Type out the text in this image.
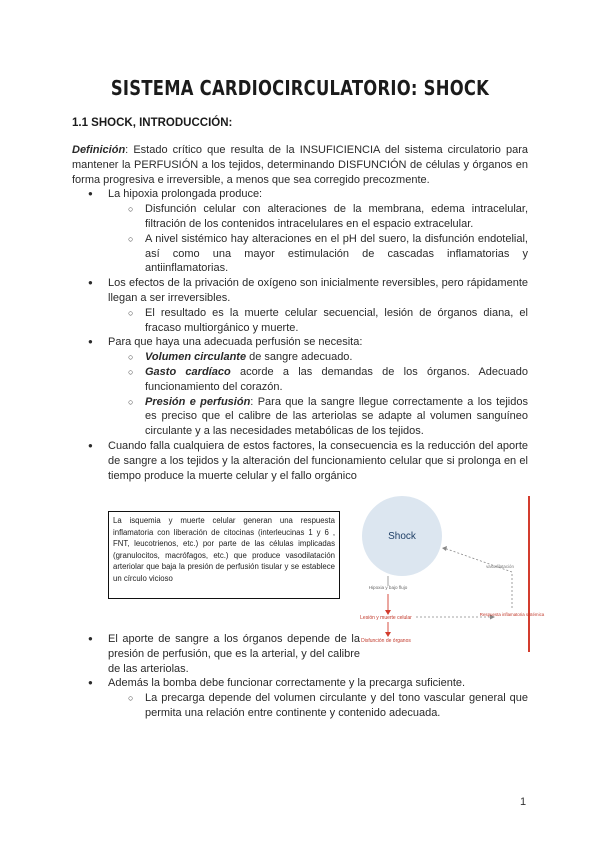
SISTEMA CARDIOCIRCULATORIO: SHOCK
1.1 SHOCK, INTRODUCCIÓN:

Definición: Estado crítico que resulta de la INSUFICIENCIA del sistema circulatorio para mantener la PERFUSIÓN a los tejidos, determinando DISFUNCIÓN de células y órganos en forma progresiva e irreversible, a menos que sea corregido precozmente.

● La hipoxia prolongada produce:
○ Disfunción celular con alteraciones de la membrana, edema intracelular, filtración de los contenidos intracelulares en el espacio extracelular.
○ A nivel sistémico hay alteraciones en el pH del suero, la disfunción endotelial, así como una mayor estimulación de cascadas inflamatorias y antiinflamatorias.
● Los efectos de la privación de oxígeno son inicialmente reversibles, pero rápidamente llegan a ser irreversibles.
○ El resultado es la muerte celular secuencial, lesión de órganos diana, el fracaso multiorgánico y muerte.
● Para que haya una adecuada perfusión se necesita:
○ Volumen circulante de sangre adecuado.
○ Gasto cardíaco acorde a las demandas de los órganos. Adecuado funcionamiento del corazón.
○ Presión e perfusión: Para que la sangre llegue correctamente a los tejidos es preciso que el calibre de las arteriolas se adapte al volumen sanguíneo circulante y a las necesidades metabólicas de los tejidos.
● Cuando falla cualquiera de estos factores, la consecuencia es la reducción del aporte de sangre a los tejidos y la alteración del funcionamiento celular que si prolonga en el tiempo produce la muerte celular y el fallo orgánico
La isquemia y muerte celular generan una respuesta inflamatoria con liberación de citocinas (interleucinas 1 y 6 , FNT, leucotrienos, etc.) por parte de las células implicadas (granulocitos, macrófagos, etc.) que produce vasodilatación arteriolar que baja la presión de perfusión tisular y se establece un círculo vicioso
Shock
Hipoxia y bajo flujo
Lesión y muerte celular
Respuesta inflamatoria sistémica
vasodilatación
Disfunción de órganos
● El aporte de sangre a los órganos depende de la presión de perfusión, que es la arterial, y del calibre de las arteriolas.
● Además la bomba debe funcionar correctamente y la precarga suficiente.
○ La precarga depende del volumen circulante y del tono vascular general que permita una relación entre continente y contenido adecuada.
1
